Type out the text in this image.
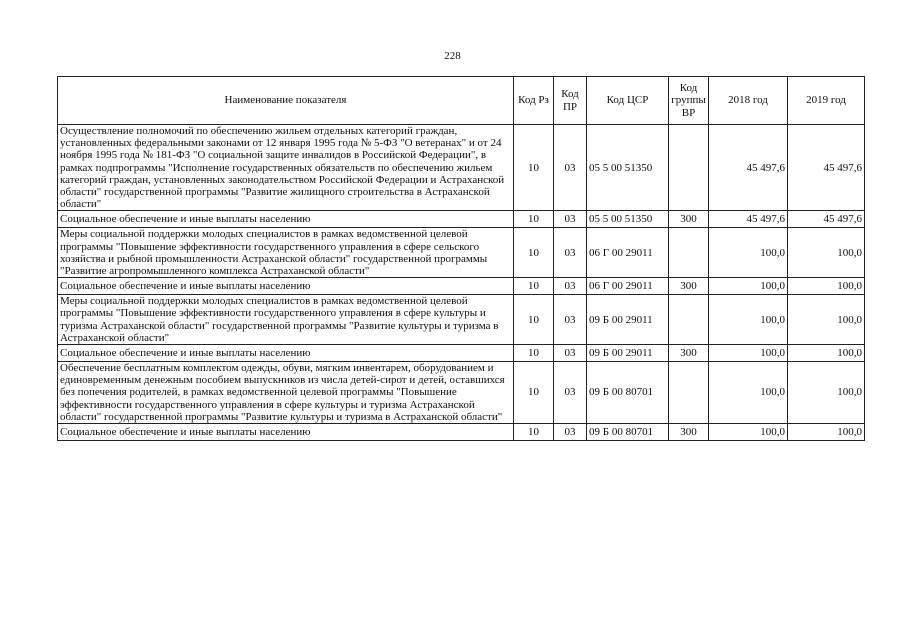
228
Наименование показателя	Код Рз	Код ПР	Код ЦСР	Код группы ВР	2018 год	2019 год
Осуществление полномочий по обеспечению жильем отдельных категорий граждан, установленных федеральными законами от 12 января 1995 года № 5-ФЗ "О ветеранах" и от 24 ноября 1995 года № 181-ФЗ "О социальной защите инвалидов в Российской Федерации", в рамках подпрограммы "Исполнение государственных обязательств по обеспечению жильем категорий граждан, установленных законодательством Российской Федерации и Астраханской области" государственной программы "Развитие жилищного строительства в Астраханской области"	10	03	05 5 00 51350		45 497,6	45 497,6
Социальное обеспечение и иные выплаты населению	10	03	05 5 00 51350	300	45 497,6	45 497,6
Меры социальной поддержки молодых специалистов в рамках ведомственной целевой программы "Повышение эффективности государственного управления в сфере сельского хозяйства и рыбной промышленности Астраханской области" государственной программы "Развитие агропромышленного комплекса Астраханской области"	10	03	06 Г 00 29011		100,0	100,0
Социальное обеспечение и иные выплаты населению	10	03	06 Г 00 29011	300	100,0	100,0
Меры социальной поддержки молодых специалистов в рамках ведомственной целевой программы "Повышение эффективности государственного управления в сфере культуры и туризма Астраханской области" государственной программы "Развитие культуры и туризма в Астраханской области"	10	03	09 Б 00 29011		100,0	100,0
Социальное обеспечение и иные выплаты населению	10	03	09 Б 00 29011	300	100,0	100,0
Обеспечение бесплатным комплектом одежды, обуви, мягким инвентарем, оборудованием и единовременным денежным пособием выпускников из числа детей-сирот и детей, оставшихся без попечения родителей, в рамках ведомственной целевой программы "Повышение эффективности государственного управления в сфере культуры и туризма Астраханской области" государственной программы "Развитие культуры и туризма в Астраханской области"	10	03	09 Б 00 80701		100,0	100,0
Социальное обеспечение и иные выплаты населению	10	03	09 Б 00 80701	300	100,0	100,0
